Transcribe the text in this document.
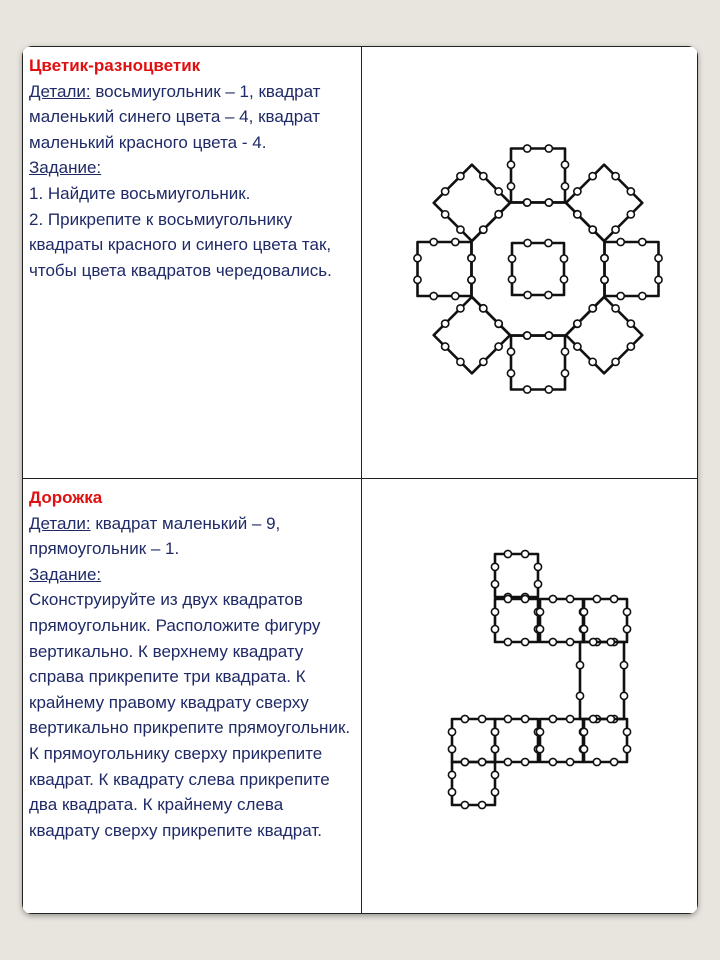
Цветик-разноцветик
Детали: восьмиугольник – 1, квадрат маленький синего цвета – 4, квадрат маленький красного цвета - 4.
Задание:
1. Найдите восьмиугольник.
2. Прикрепите к восьмиугольнику квадраты красного и синего цвета так, чтобы цвета квадратов чередовались.

Дорожка
Детали: квадрат маленький – 9, прямоугольник – 1.
Задание:
Сконструируйте из двух квадратов прямоугольник. Расположите фигуру вертикально. К верхнему квадрату справа прикрепите три квадрата. К крайнему правому квадрату сверху вертикально прикрепите прямоугольник. К прямоугольнику сверху прикрепите квадрат. К квадрату слева прикрепите два квадрата. К крайнему слева квадрату сверху прикрепите квадрат.
